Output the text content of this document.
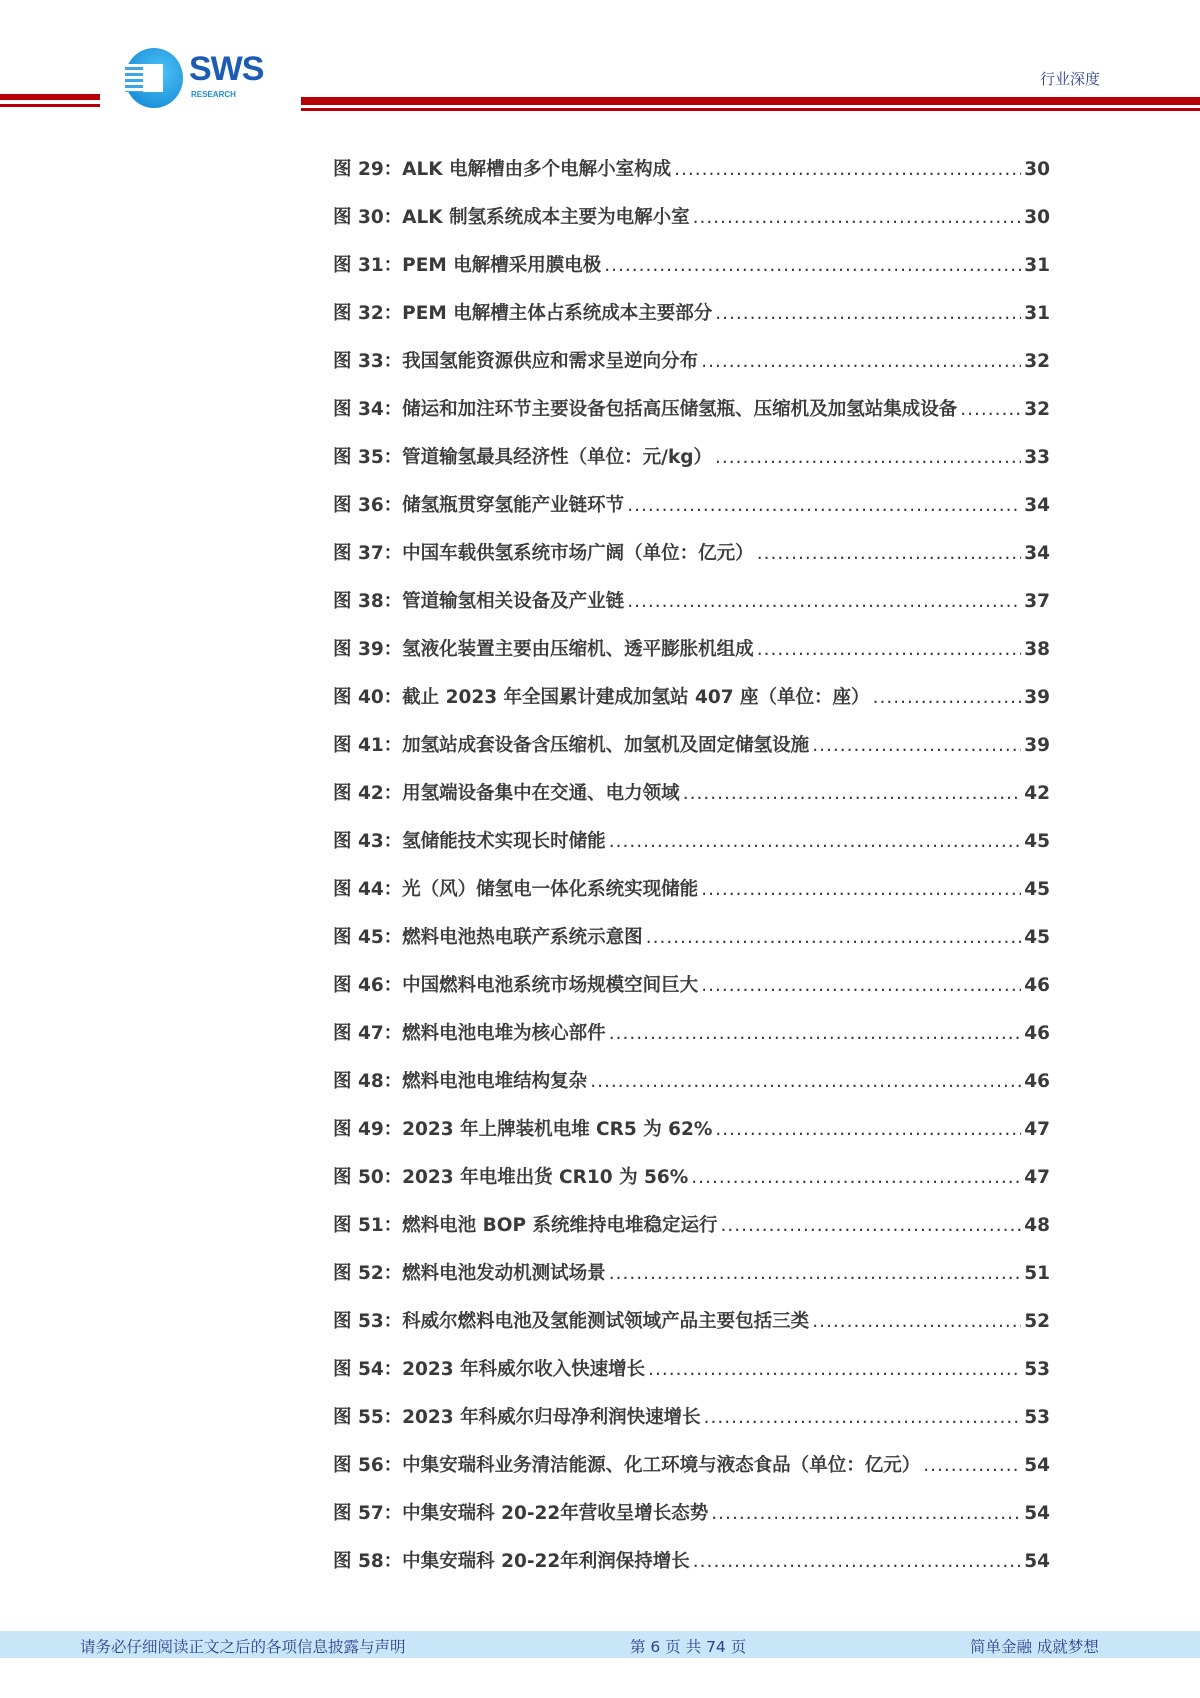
SWS
RESEARCH
行业深度
图 29：ALK 电解槽由多个电解小室构成 .....	30
图 30：ALK 制氢系统成本主要为电解小室 .....	30
图 31：PEM 电解槽采用膜电极 .....	31
图 32：PEM 电解槽主体占系统成本主要部分 .....	31
图 33：我国氢能资源供应和需求呈逆向分布 .....	32
图 34：储运和加注环节主要设备包括高压储氢瓶、压缩机及加氢站集成设备 .....	32
图 35：管道输氢最具经济性（单位：元/kg） .....	33
图 36：储氢瓶贯穿氢能产业链环节 .....	34
图 37：中国车载供氢系统市场广阔（单位：亿元） .....	34
图 38：管道输氢相关设备及产业链 .....	37
图 39：氢液化装置主要由压缩机、透平膨胀机组成 .....	38
图 40：截止 2023 年全国累计建成加氢站 407 座（单位：座） .....	39
图 41：加氢站成套设备含压缩机、加氢机及固定储氢设施 .....	39
图 42：用氢端设备集中在交通、电力领域 .....	42
图 43：氢储能技术实现长时储能 .....	45
图 44：光（风）储氢电一体化系统实现储能 .....	45
图 45：燃料电池热电联产系统示意图 .....	45
图 46：中国燃料电池系统市场规模空间巨大 .....	46
图 47：燃料电池电堆为核心部件 .....	46
图 48：燃料电池电堆结构复杂 .....	46
图 49：2023 年上牌装机电堆 CR5 为 62% .....	47
图 50：2023 年电堆出货 CR10 为 56% .....	47
图 51：燃料电池 BOP 系统维持电堆稳定运行 .....	48
图 52：燃料电池发动机测试场景 .....	51
图 53：科威尔燃料电池及氢能测试领域产品主要包括三类 .....	52
图 54：2023 年科威尔收入快速增长 .....	53
图 55：2023 年科威尔归母净利润快速增长 .....	53
图 56：中集安瑞科业务清洁能源、化工环境与液态食品（单位：亿元） .....	54
图 57：中集安瑞科 20-22年营收呈增长态势 .....	54
图 58：中集安瑞科 20-22年利润保持增长 .....	54
请务必仔细阅读正文之后的各项信息披露与声明	第 6 页 共 74 页	简单金融 成就梦想
